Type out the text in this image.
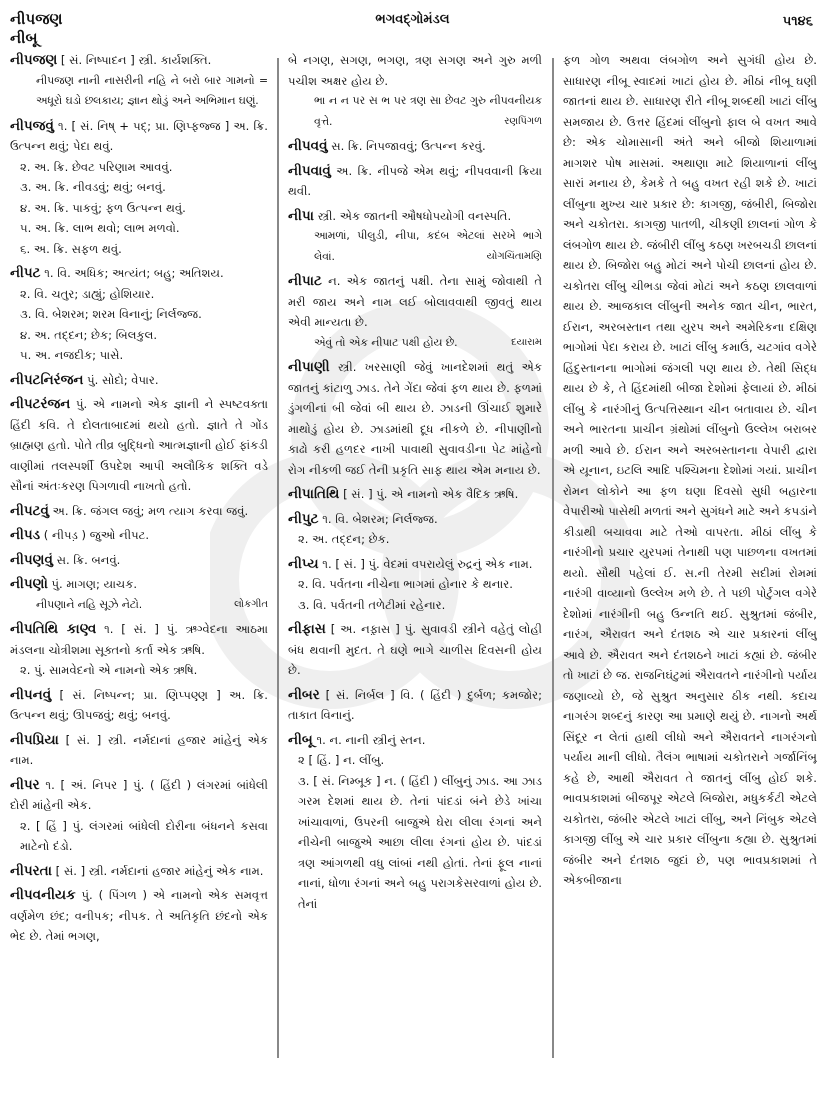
નીપજણ
નીબૂ
ભગવદ્ગોમંડલ	૫૧૪૬
નીપજણ [ સં. નિષ્પાદન ] સ્ત્રી. કાર્યશક્તિ.
નીપજણ નાની નાસરીની નહિ ને બરો બાર ગામનો = અધૂરો ઘડો છલકાય; જ્ઞાન થોડું અને અભિમાન ઘણું.
નીપજવું ૧. [ સં. નિષ્ + પદ્; પ્રા. ણિપ્ફજ્જ ] અ. ક્રિ. ઉત્પન્ન થવું; પેદા થવું.
૨. અ. ક્રિ. છેવટ પરિણામ આવવું.
૩. અ. ક્રિ. નીવડવું; થવું; બનવું.
૪. અ. ક્રિ. પાકવું; ફળ ઉત્પન્ન થવું.
૫. અ. ક્રિ. લાભ થવો; લાભ મળવો.
૬. અ. ક્રિ. સફળ થવું.
નીપટ ૧. વિ. અધિક; અત્યંત; બહુ; અતિશય.
૨. વિ. ચતુર; ડાહ્યું; હોશિયાર.
૩. વિ. બેશરમ; શરમ વિનાનું; નિર્લજ્જ.
૪. અ. તદ્દન; છેક; બિલકુલ.
૫. અ. નજદીક; પાસે.
નીપટનિરંજન પું. સોદો; વેપાર.
નીપટરંજન પું. એ નામનો એક જ્ઞાની ને સ્પષ્ટવક્તા હિંદી કવિ. તે દોલતાબાદમાં થયો હતો. જ્ઞાતે તે ગોંડ બ્રાહ્મણ હતો. પોતે તીવ્ર બુદ્ધિનો આત્મજ્ઞાની હોઈ ફાંકડી વાણીમાં તલસ્પર્શી ઉપદેશ આપી અલૌકિક શક્તિ વડે સૌનાં અંતઃકરણ પિગળાવી નાખતો હતો.
નીપટવું અ. ક્રિ. જંગલ જવું; મળ ત્યાગ કરવા જવું.
નીપડ ( નીપડ઼ ) જુઓ નીપટ.
નીપણવું સ. ક્રિ. બનવું.
નીપણો પું. માગણ; યાચક.
નીપણાને નહિ સૂઝે નેટો.	લોકગીત
નીપતિથિ કાણ્વ ૧. [ સં. ] પું. ઋગ્વેદના આઠમા મંડલના ચોત્રીશમા સૂક્તનો કર્તા એક ઋષિ.
૨. પું. સામવેદનો એ નામનો એક ઋષિ.
નીપનવું [ સં. નિષ્પન્ન; પ્રા. ણિપ્પણ્ણ ] અ. ક્રિ. ઉત્પન્ન થવું; ઊપજવું; થવું; બનવું.
નીપપ્રિયા [ સં. ] સ્ત્રી. નર્મદાનાં હજાર માંહેનું એક નામ.
નીપર ૧. [ અં. નિપર ] પું. ( હિંદી ) લંગરમાં બાંધેલી દોરી માંહેની એક.
૨. [ હિં ] પું. લંગરમાં બાંધેલી દોરીના બંધનને કસવા માટેનો દંડો.
નીપરતા [ સં. ] સ્ત્રી. નર્મદાનાં હજાર માંહેનું એક નામ.
નીપવનીયક પું. ( પિંગળ ) એ નામનો એક સમવૃત્ત વર્ણમેળ છંદ; વનીપક; નીપક. તે અતિકૃતિ છંદનો એક ભેદ છે. તેમાં ભગણ,
બે નગણ, સગણ, ભગણ, ત્રણ સગણ અને ગુરુ મળી પચીશ અક્ષર હોય છે.
ભા ન ન પર સ ભ પર ત્રણ સા છેવટ ગુરુ નીપવનીયક વૃત્તે.	રણપિંગળ
નીપવવું સ. ક્રિ. નિપજાવવું; ઉત્પન્ન કરવું.
નીપવાવું અ. ક્રિ. નીપજે એમ થવું; નીપવવાની ક્રિયા થવી.
નીપા સ્ત્રી. એક જાતની ઔષધોપયોગી વનસ્પતિ.
આમળાં, પીલુડી, નીપા, કદંબ એટલાં સરખે ભાગે લેવાં.	યોગચિંતામણિ
નીપાટ ન. એક જાતનું પક્ષી. તેના સામું જોવાથી તે મરી જાય અને નામ લઈ બોલાવવાથી જીવતું થાય એવી માન્યતા છે.
એવું તો એક નીપાટ પક્ષી હોય છે.	દયારામ
નીપાણી સ્ત્રી. ખરસાણી જેવું ખાનદેશમાં થતું એક જાતનું કાંટાળુ ઝાડ. તેને ગેંદા જેવાં ફળ થાય છે. ફળમાં ડુંગળીનાં બી જેવાં બી થાય છે. ઝાડની ઊંચાઈ શુમારે માથોડું હોય છે. ઝાડમાંથી દૂધ નીકળે છે. નીપાણીનો કાઢો કરી હળદર નાખી પાવાથી સુવાવડીના પેટ માંહેનો રોગ નીકળી જઈ તેની પ્રકૃતિ સાફ થાય એમ મનાય છે.
નીપાતિથિ [ સં. ] પું. એ નામનો એક વૈદિક ઋષિ.
નીપુટ ૧. વિ. બેશરમ; નિર્લજ્જ.
૨. અ. તદ્દન; છેક.
નીપ્ય ૧. [ સં. ] પું. વેદમાં વપરાયેલું રુદ્રનું એક નામ.
૨. વિ. પર્વતના નીચેના ભાગમાં હોનાર કે થનાર.
૩. વિ. પર્વતની તળેટીમાં રહેનાર.
નીફાસ [ અ. નફ઼ાસ ] પું. સુવાવડી સ્ત્રીને વહેતું લોહી બંધ થવાની મુદત. તે ઘણે ભાગે ચાળીસ દિવસની હોય છે.
નીબર [ સં. નિર્બલ ] વિ. ( હિંદી ) દુર્બળ; કમજોર; તાકાત વિનાનું.
નીબૂ ૧. ન. નાની સ્ત્રીનું સ્તન.
૨ [ હિં. ] ન. લીંબુ.
૩. [ સં. નિમ્બૂક ] ન. ( હિંદી ) લીંબુનું ઝાડ. આ ઝાડ ગરમ દેશમાં થાય છે. તેનાં પાંદડાં બંને છેડે ખાંચા ખાંચાવાળાં, ઉપરની બાજુએ ઘેરા લીલા રંગનાં અને નીચેની બાજુએ આછા લીલા રંગનાં હોય છે. પાંદડાં ત્રણ આંગળથી વધુ લાંબાં નથી હોતાં. તેનાં ફૂલ નાનાં નાનાં, ધોળા રંગનાં અને બહુ પરાગકેસરવાળાં હોય છે. તેનાં
ફળ ગોળ અથવા લંબગોળ અને સુગંધી હોય છે. સાધારણ નીબૂ સ્વાદમાં ખાટાં હોય છે. મીઠાં નીબૂ ઘણી જાતનાં થાય છે. સાધારણ રીતે નીબૂ શબ્દથી ખાટાં લીંબુ સમજાય છે. ઉત્તર હિંદમાં લીંબુનો ફાલ બે વખત આવે છે: એક ચોમાસાની અંતે અને બીજો શિયાળામાં માગશર પોષ માસમાં. અથાણા માટે શિયાળાનાં લીંબુ સારાં મનાય છે, કેમકે તે બહુ વખત રહી શકે છે. ખાટાં લીંબુના મુખ્ય ચાર પ્રકાર છે: કાગજી, જંબીરી, બિજોરા અને ચકોતરા. કાગજી પાતળી, ચીકણી છાલનાં ગોળ કે લંબગોળ થાય છે. જંબીરી લીંબુ કઠણ ખરબચડી છાલનાં થાય છે. બિજોરા બહુ મોટાં અને પોચી છાલનાં હોય છે. ચકોતરા લીંબુ ચીભડા જેવાં મોટાં અને કઠણ છાલવાળાં થાય છે. આજકાલ લીંબુની અનેક જાત ચીન, ભારત, ઈરાન, અરબસ્તાન તથા યુરપ અને અમેરિકના દક્ષિણ ભાગોમાં પેદા કરાય છે. ખાટાં લીંબુ કમાઉં, ચટગાંવ વગેરે હિંદુસ્તાનના ભાગોમાં જંગલી પણ થાય છે. તેથી સિદ્ધ થાય છે કે, તે હિંદમાંથી બીજા દેશોમાં ફેલાયાં છે. મીઠાં લીંબુ કે નારંગીનું ઉત્પત્તિસ્થાન ચીન બતાવાય છે. ચીન અને ભારતના પ્રાચીન ગ્રંથોમાં લીંબુનો ઉલ્લેખ બરાબર મળી આવે છે. ઈરાન અને અરબસ્તાનના વેપારી દ્વારા એ યૂનાન, ઇટલિ આદિ પશ્ચિમના દેશોમાં ગયાં. પ્રાચીન રોમન લોકોને આ ફળ ઘણા દિવસો સુધી બહારના વેપારીઓ પાસેથી મળતાં અને સુગંધને માટે અને કપડાંને કીડાથી બચાવવા માટે તેઓ વાપરતા. મીઠાં લીંબુ કે નારંગીનો પ્રચાર યુરપમાં તેનાથી પણ પાછળના વખતમાં થયો. સૌથી પહેલાં ઈ. સ.ની તેરમી સદીમાં રોમમાં નારંગી વાવ્યાનો ઉલ્લેખ મળે છે. તે પછી પોર્ટુગલ વગેરે દેશોમાં નારંગીની બહુ ઉન્નતિ થઈ. સુશ્રુતમાં જંબીર, નારંગ, ઐરાવત અને દંતશઠ એ ચાર પ્રકારનાં લીંબુ આવે છે. ઐરાવત અને દંતશઠને ખાટાં કહ્યાં છે. જંબીર તો ખાટાં છે જ. રાજનિઘંટુમાં ઐરાવતને નારંગીનો પર્યાય જણાવ્યો છે, જે સુશ્રુત અનુસાર ઠીક નથી. કદાચ નાગરંગ શબ્દનું કારણ આ પ્રમાણે થયું છે. નાગનો અર્થ સિંદૂર ન લેતાં હાથી લીધો અને ઐરાવતને નાગરંગનો પર્યાય માની લીધો. તૈલંગ ભાષામાં ચકોતરાને ગર્જાનિંબૂ કહે છે, આથી ઐરાવત તે જાતનું લીંબુ હોઈ શકે. ભાવપ્રકાશમાં બીજપૂર એટલે બિજોરા, મધુકર્કટી એટલે ચકોતરા, જંબીર એટલે ખાટાં લીંબુ, અને નિંબુક એટલે કાગજી લીંબુ એ ચાર પ્રકાર લીંબુના કહ્યા છે. સુશ્રુતમાં જંબીર અને દંતશઠ જુદાં છે, પણ ભાવપ્રકાશમાં તે એકબીજાના
